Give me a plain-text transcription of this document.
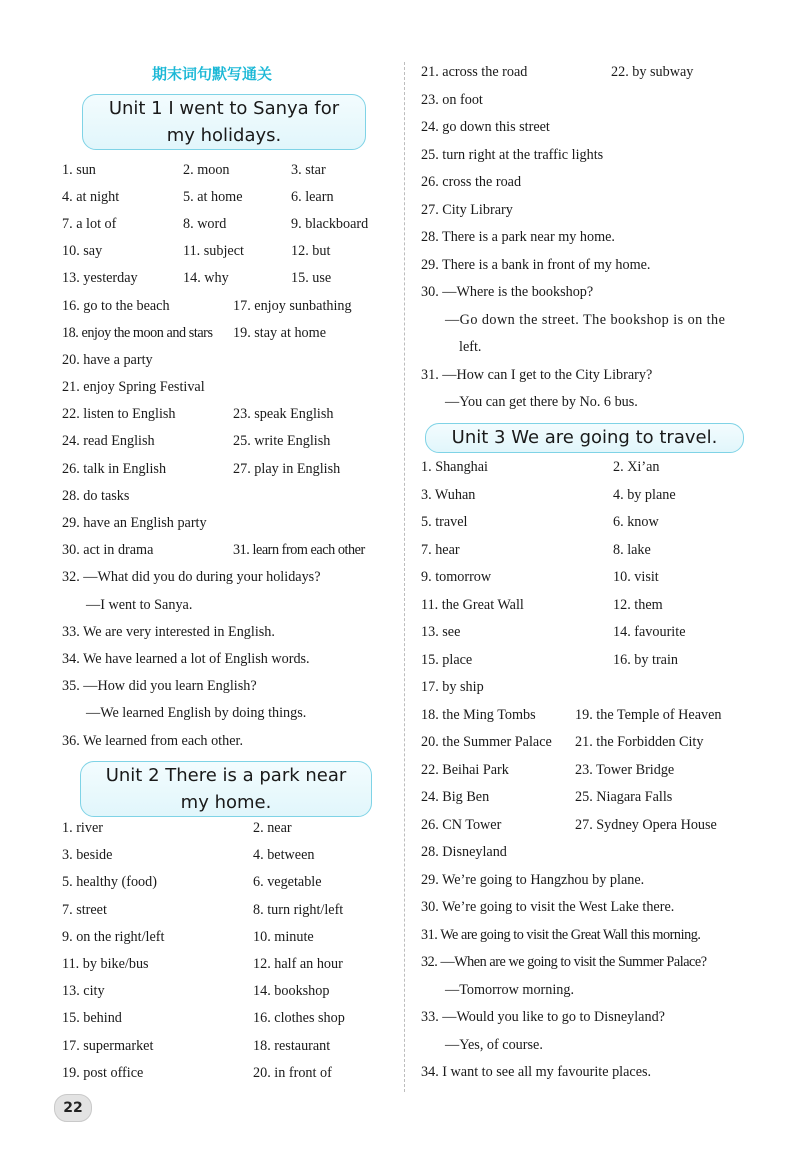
期末词句默写通关
Unit 1 I went to Sanya for
my holidays.
1. sun	2. moon	3. star
4. at night	5. at home	6. learn
7. a lot of	8. word	9. blackboard
10. say	11. subject	12. but
13. yesterday	14. why	15. use
16. go to the beach	17. enjoy sunbathing
18. enjoy the moon and stars 19. stay at home
20. have a party
21. enjoy Spring Festival
22. listen to English	23. speak English
24. read English	25. write English
26. talk in English	27. play in English
28. do tasks
29. have an English party
30. act in drama	31. learn from each other
32. —What did you do during your holidays?
—I went to Sanya.
33. We are very interested in English.
34. We have learned a lot of English words.
35. —How did you learn English?
—We learned English by doing things.
36. We learned from each other.
Unit 2 There is a park near
my home.
1. river	2. near
3. beside	4. between
5. healthy (food)	6. vegetable
7. street	8. turn right/left
9. on the right/left	10. minute
11. by bike/bus	12. half an hour
13. city	14. bookshop
15. behind	16. clothes shop
17. supermarket	18. restaurant
19. post office	20. in front of
21. across the road	22. by subway
23. on foot
24. go down this street
25. turn right at the traffic lights
26. cross the road
27. City Library
28. There is a park near my home.
29. There is a bank in front of my home.
30. —Where is the bookshop?
—Go down the street. The bookshop is on the
left.
31. —How can I get to the City Library?
—You can get there by No. 6 bus.
Unit 3 We are going to travel.
1. Shanghai	2. Xi’an
3. Wuhan	4. by plane
5. travel	6. know
7. hear	8. lake
9. tomorrow	10. visit
11. the Great Wall	12. them
13. see	14. favourite
15. place	16. by train
17. by ship
18. the Ming Tombs	19. the Temple of Heaven
20. the Summer Palace 21. the Forbidden City
22. Beihai Park	23. Tower Bridge
24. Big Ben	25. Niagara Falls
26. CN Tower	27. Sydney Opera House
28. Disneyland
29. We’re going to Hangzhou by plane.
30. We’re going to visit the West Lake there.
31. We are going to visit the Great Wall this morning.
32. —When are we going to visit the Summer Palace?
—Tomorrow morning.
33. —Would you like to go to Disneyland?
—Yes, of course.
34. I want to see all my favourite places.
22
